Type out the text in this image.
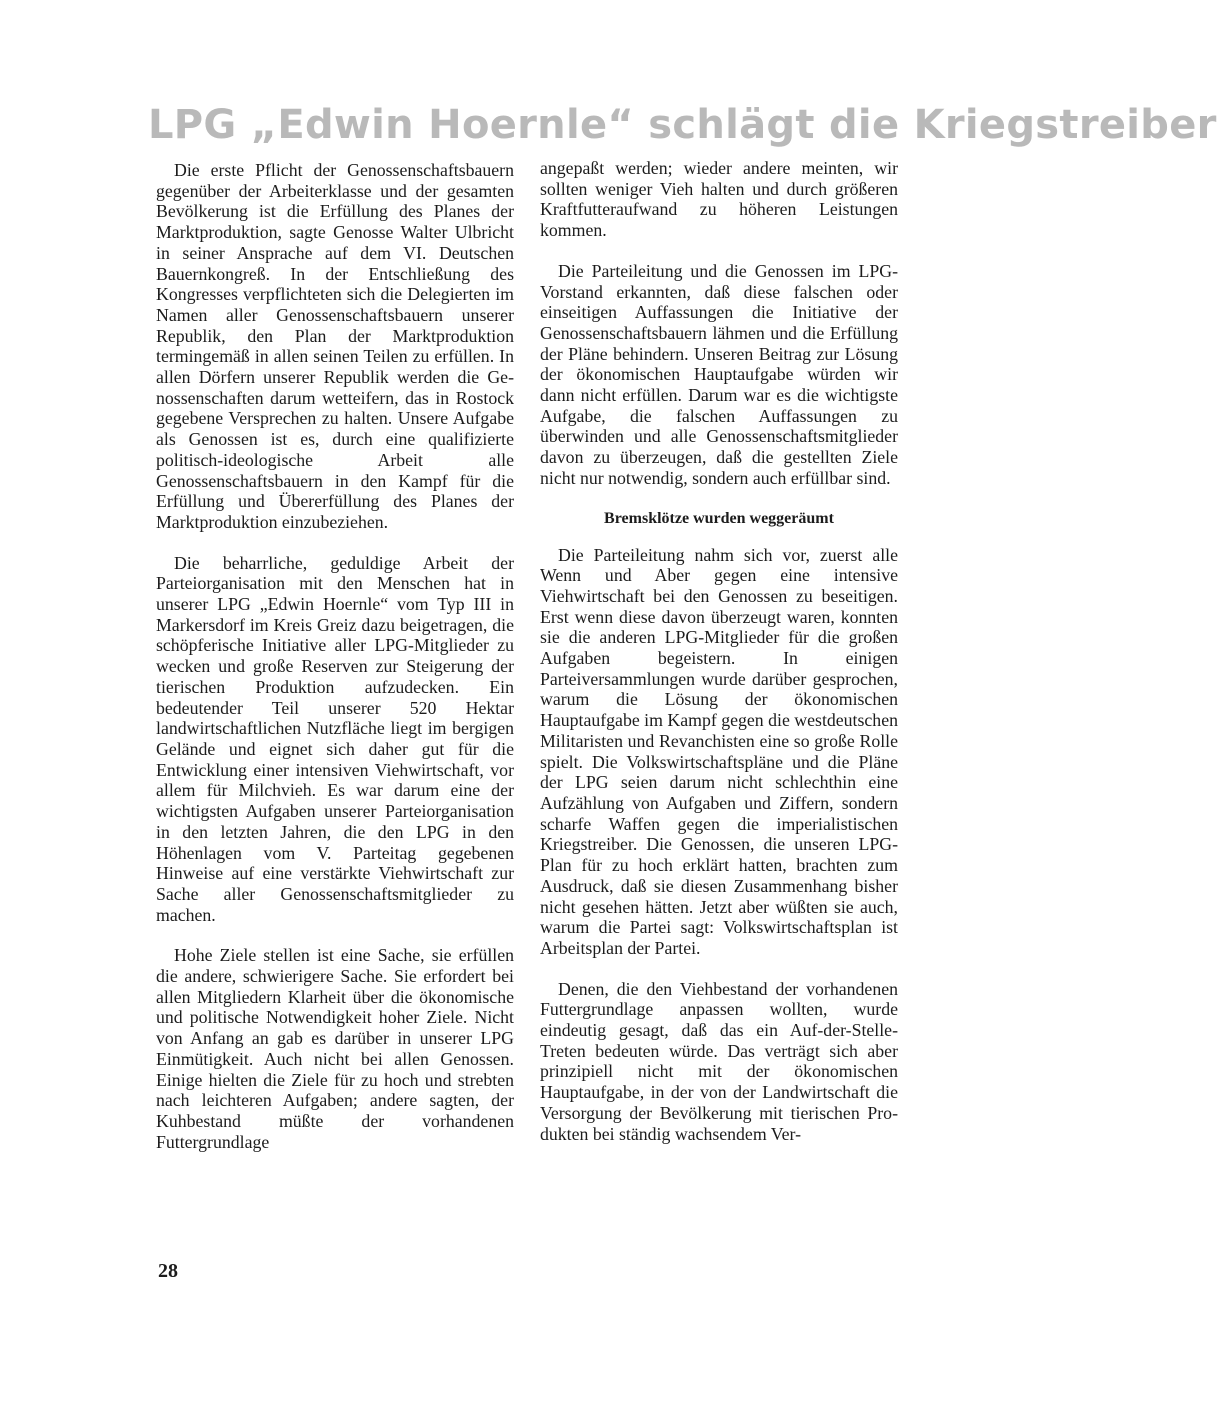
LPG „Edwin Hoernle“ schlägt die Kriegstreiber

Die erste Pflicht der Genossenschaftsbauern gegenüber der Arbeiterklasse und der gesamten Bevölkerung ist die Erfüllung des Planes der Marktproduktion, sagte Genosse Walter Ulbricht in seiner Ansprache auf dem VI. Deutschen Bauernkongreß. In der Entschließung des Kongresses verpflichteten sich die Delegierten im Namen aller Genossenschaftsbauern unserer Republik, den Plan der Marktproduktion termingemäß in allen seinen Teilen zu erfüllen. In allen Dörfern unserer Republik werden die Genossenschaften darum wetteifern, das in Rostock gegebene Versprechen zu halten. Unsere Aufgabe als Genossen ist es, durch eine qualifizierte politisch-ideologische Arbeit alle Genossenschaftsbauern in den Kampf für die Erfüllung und Übererfüllung des Planes der Marktproduktion einzubeziehen.

Die beharrliche, geduldige Arbeit der Parteiorganisation mit den Menschen hat in unserer LPG „Edwin Hoernle“ vom Typ III in Markersdorf im Kreis Greiz dazu beigetragen, die schöpferische Initiative aller LPG-Mitglieder zu wecken und große Reserven zur Steigerung der tierischen Produktion aufzudecken. Ein bedeutender Teil unserer 520 Hektar landwirtschaftlichen Nutzfläche liegt im bergigen Gelände und eignet sich daher gut für die Entwicklung einer intensiven Viehwirtschaft, vor allem für Milchvieh. Es war darum eine der wichtigsten Aufgaben unserer Parteiorganisation in den letzten Jahren, die den LPG in den Höhenlagen vom V. Parteitag gegebenen Hinweise auf eine verstärkte Viehwirtschaft zur Sache aller Genossenschaftsmitglieder zu machen.

Hohe Ziele stellen ist eine Sache, sie erfüllen die andere, schwierigere Sache. Sie erfordert bei allen Mitgliedern Klarheit über die ökonomische und politische Notwendigkeit hoher Ziele. Nicht von Anfang an gab es darüber in unserer LPG Einmütigkeit. Auch nicht bei allen Genossen. Einige hielten die Ziele für zu hoch und strebten nach leichteren Aufgaben; andere sagten, der Kuhbestand müßte der vorhandenen Futtergrundlage

angepaßt werden; wieder andere meinten, wir sollten weniger Vieh halten und durch größeren Kraftfutteraufwand zu höheren Leistungen kommen.

Die Parteileitung und die Genossen im LPG-Vorstand erkannten, daß diese falschen oder einseitigen Auffassungen die Initiative der Genossenschaftsbauern lähmen und die Erfüllung der Pläne behindern. Unseren Beitrag zur Lösung der ökonomischen Hauptaufgabe würden wir dann nicht erfüllen. Darum war es die wichtigste Aufgabe, die falschen Auffassungen zu überwinden und alle Genossenschaftsmitglieder davon zu überzeugen, daß die gestellten Ziele nicht nur notwendig, sondern auch erfüllbar sind.

Bremsklötze wurden weggeräumt

Die Parteileitung nahm sich vor, zuerst alle Wenn und Aber gegen eine intensive Viehwirtschaft bei den Genossen zu beseitigen. Erst wenn diese davon überzeugt waren, konnten sie die anderen LPG-Mitglieder für die großen Aufgaben begeistern. In einigen Parteiversammlungen wurde darüber gesprochen, warum die Lösung der ökonomischen Hauptaufgabe im Kampf gegen die westdeutschen Militaristen und Revanchisten eine so große Rolle spielt. Die Volkswirtschaftspläne und die Pläne der LPG seien darum nicht schlechthin eine Aufzählung von Aufgaben und Ziffern, sondern scharfe Waffen gegen die imperialistischen Kriegstreiber. Die Genossen, die unseren LPG-Plan für zu hoch erklärt hatten, brachten zum Ausdruck, daß sie diesen Zusammenhang bisher nicht gesehen hätten. Jetzt aber wüßten sie auch, warum die Partei sagt: Volkswirtschaftsplan ist Arbeitsplan der Partei.

Denen, die den Viehbestand der vorhandenen Futtergrundlage anpassen wollten, wurde eindeutig gesagt, daß das ein Auf-der-Stelle-Treten bedeuten würde. Das verträgt sich aber prinzipiell nicht mit der ökonomischen Hauptaufgabe, in der von der Landwirtschaft die Versorgung der Bevölkerung mit tierischen Produkten bei ständig wachsendem Ver-

28
